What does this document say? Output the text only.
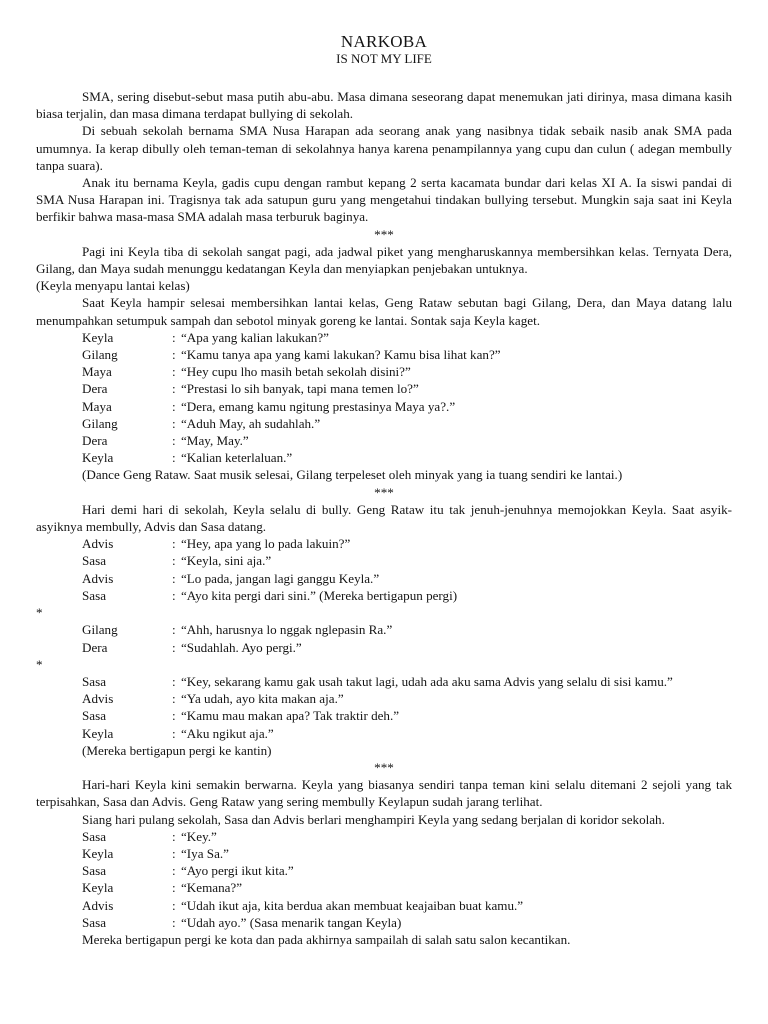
NARKOBA
IS NOT MY LIFE

SMA, sering disebut-sebut masa putih abu-abu. Masa dimana seseorang dapat menemukan jati dirinya, masa dimana kasih biasa terjalin, dan masa dimana terdapat bullying di sekolah.

Di sebuah sekolah bernama SMA Nusa Harapan ada seorang anak yang nasibnya tidak sebaik nasib anak SMA pada umumnya. Ia kerap dibully oleh teman-teman di sekolahnya hanya karena penampilannya yang cupu dan culun ( adegan membully tanpa suara).

Anak itu bernama Keyla, gadis cupu dengan rambut kepang 2 serta kacamata bundar dari kelas XI A. Ia siswi pandai di SMA Nusa Harapan ini. Tragisnya tak ada satupun guru yang mengetahui tindakan bullying tersebut. Mungkin saja saat ini Keyla berfikir bahwa masa-masa SMA adalah masa terburuk baginya.

***

Pagi ini Keyla tiba di sekolah sangat pagi, ada jadwal piket yang mengharuskannya membersihkan kelas. Ternyata Dera, Gilang, dan Maya sudah menunggu kedatangan Keyla dan menyiapkan penjebakan untuknya.

(Keyla menyapu lantai kelas)

Saat Keyla hampir selesai membersihkan lantai kelas, Geng Rataw sebutan bagi Gilang, Dera, dan Maya datang lalu menumpahkan setumpuk sampah dan sebotol minyak goreng ke lantai. Sontak saja Keyla kaget.

Keyla	: “Apa yang kalian lakukan?”
Gilang	: “Kamu tanya apa yang kami lakukan? Kamu bisa lihat kan?”
Maya	: “Hey cupu lho masih betah sekolah disini?”
Dera	: “Prestasi lo sih banyak, tapi mana temen lo?”
Maya	: “Dera, emang kamu ngitung prestasinya Maya ya?.”
Gilang	: “Aduh May, ah sudahlah.”
Dera	: “May, May.”
Keyla	: “Kalian keterlaluan.”

(Dance Geng Rataw. Saat musik selesai, Gilang terpeleset oleh minyak yang ia tuang sendiri ke lantai.)

***

Hari demi hari di sekolah, Keyla selalu di bully. Geng Rataw itu tak jenuh-jenuhnya memojokkan Keyla. Saat asyik-asyiknya membully, Advis dan Sasa datang.

Advis	: “Hey, apa yang lo pada lakuin?”
Sasa	: “Keyla, sini aja.”
Advis	: “Lo pada, jangan lagi ganggu Keyla.”
Sasa	: “Ayo kita pergi dari sini.” (Mereka bertigapun pergi)

*

Gilang	: “Ahh, harusnya lo nggak nglepasin Ra.”
Dera	: “Sudahlah. Ayo pergi.”

*

Sasa	: “Key, sekarang kamu gak usah takut lagi, udah ada aku sama Advis yang selalu di sisi kamu.”
Advis	: “Ya udah, ayo kita makan aja.”
Sasa	: “Kamu mau makan apa? Tak traktir deh.”
Keyla	: “Aku ngikut aja.”

(Mereka bertigapun pergi ke kantin)

***

Hari-hari Keyla kini semakin berwarna. Keyla yang biasanya sendiri tanpa teman kini selalu ditemani 2 sejoli yang tak terpisahkan, Sasa dan Advis. Geng Rataw yang sering membully Keylapun sudah jarang terlihat.

Siang hari pulang sekolah, Sasa dan Advis berlari menghampiri Keyla yang sedang berjalan di koridor sekolah.

Sasa	: “Key.”
Keyla	: “Iya Sa.”
Sasa	: “Ayo pergi ikut kita.”
Keyla	: “Kemana?”
Advis	: “Udah ikut aja, kita berdua akan membuat keajaiban buat kamu.”
Sasa	: “Udah ayo.” (Sasa menarik tangan Keyla)

Mereka bertigapun pergi ke kota dan pada akhirnya sampailah di salah satu salon kecantikan.
